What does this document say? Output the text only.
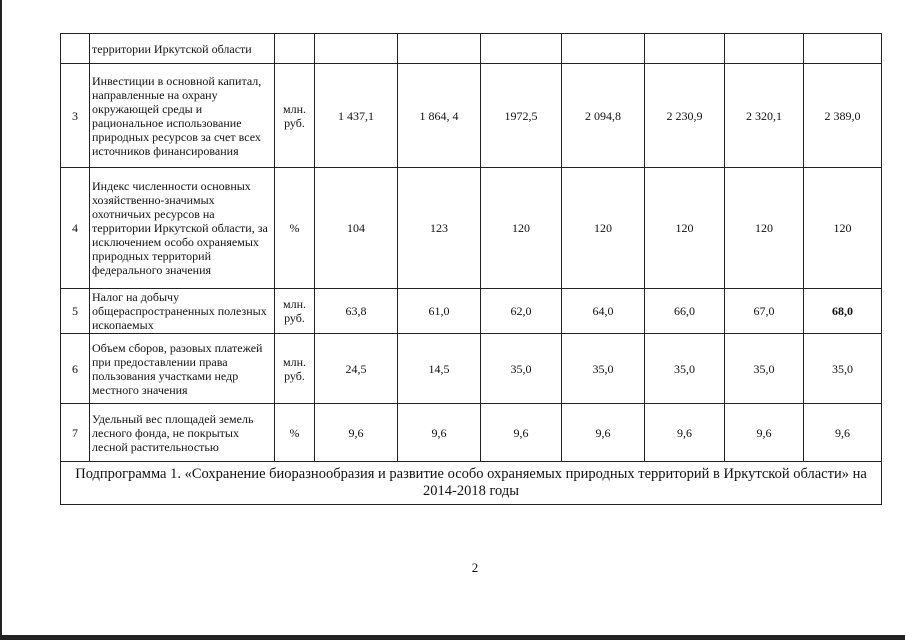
	территории Иркутской области								
3	Инвестиции в основной капитал, направленные на охрану окружающей среды и рациональное использование природных ресурсов за счет всех источников финансирования	млн. руб.	1 437,1	1 864, 4	1972,5	2 094,8	2 230,9	2 320,1	2 389,0
4	Индекс численности основных хозяйственно-значимых охотничьих ресурсов на территории Иркутской области, за исключением особо охраняемых природных территорий федерального значения	%	104	123	120	120	120	120	120
5	Налог на добычу общераспространенных полезных ископаемых	млн. руб.	63,8	61,0	62,0	64,0	66,0	67,0	68,0
6	Объем сборов, разовых платежей при предоставлении права пользования участками недр местного значения	млн. руб.	24,5	14,5	35,0	35,0	35,0	35,0	35,0
7	Удельный вес площадей земель лесного фонда, не покрытых лесной растительностью	%	9,6	9,6	9,6	9,6	9,6	9,6	9,6
Подпрограмма 1. «Сохранение биоразнообразия и развитие особо охраняемых природных территорий в Иркутской области» на 2014-2018 годы									
2
